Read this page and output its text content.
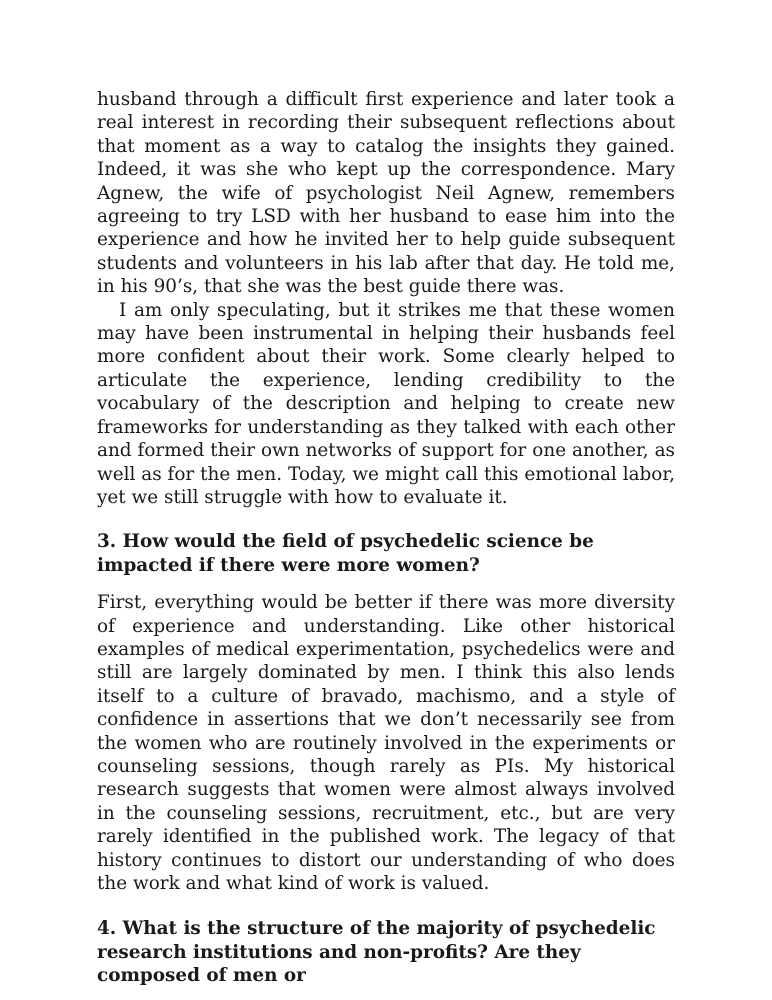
husband through a difficult first experience and later took a real interest in recording their subsequent reflections about that moment as a way to catalog the insights they gained. Indeed, it was she who kept up the correspondence. Mary Agnew, the wife of psychologist Neil Agnew, remembers agreeing to try LSD with her husband to ease him into the experience and how he invited her to help guide subsequent students and volunteers in his lab after that day. He told me, in his 90’s, that she was the best guide there was.

I am only speculating, but it strikes me that these women may have been instrumental in helping their husbands feel more confident about their work. Some clearly helped to articulate the experience, lending credibility to the vocabulary of the description and helping to create new frameworks for understanding as they talked with each other and formed their own networks of support for one another, as well as for the men. Today, we might call this emotional labor, yet we still struggle with how to evaluate it.

3. How would the field of psychedelic science be impacted if there were more women?

First, everything would be better if there was more diversity of experience and understanding. Like other historical examples of medical experimentation, psychedelics were and still are largely dominated by men. I think this also lends itself to a culture of bravado, machismo, and a style of confidence in assertions that we don’t necessarily see from the women who are routinely involved in the experiments or counseling sessions, though rarely as PIs. My historical research suggests that women were almost always involved in the counseling sessions, recruitment, etc., but are very rarely identified in the published work. The legacy of that history continues to distort our understanding of who does the work and what kind of work is valued.

4. What is the structure of the majority of psychedelic research institutions and non-profits? Are they composed of men or
